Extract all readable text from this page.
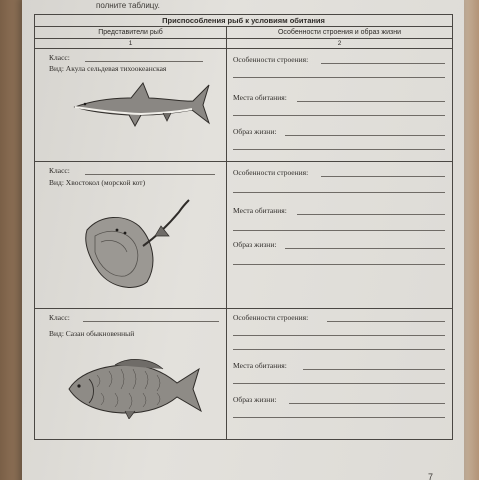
полните таблицу.
Приспособления рыб к условиям обитания	
Представители рыб	Особенности строения и образ жизни
1	2

Класс:
Вид: Акула сельдевая тихоокеанская	Особенности строения:
Места обитания:
Образ жизни:

Класс:
Вид: Хвостокол (морской кот)	Особенности строения:
Места обитания:
Образ жизни:

Класс:
Вид: Сазан обыкновенный	Особенности строения:
Места обитания:
Образ жизни:
7
